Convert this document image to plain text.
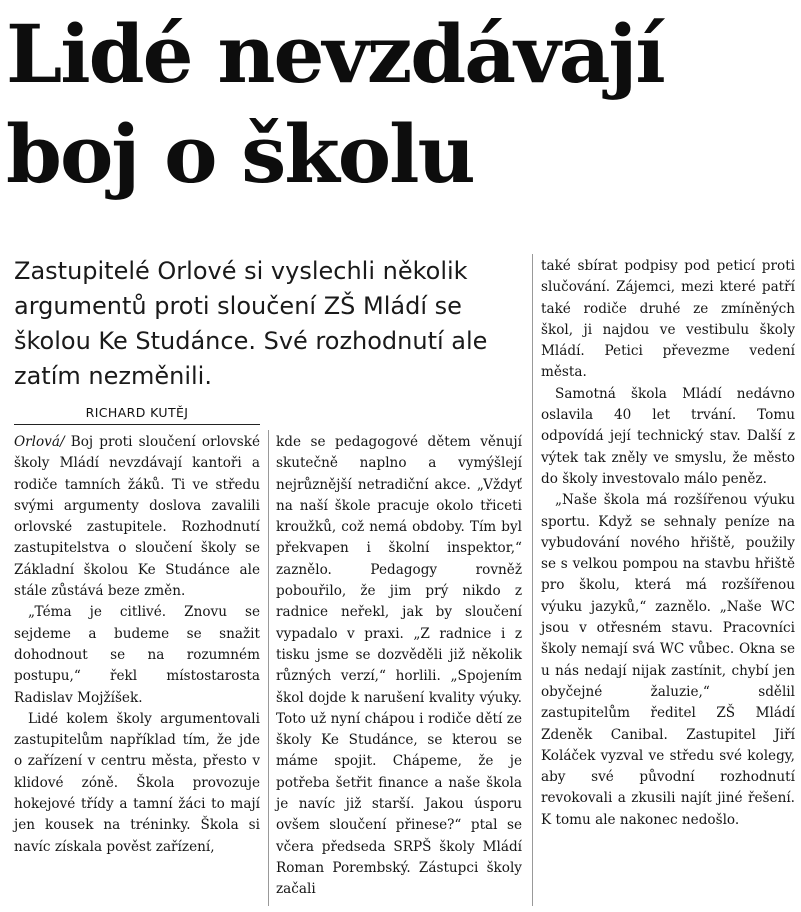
Lidé nevzdávají boj o školu

Zastupitelé Orlové si vyslechli několik argumentů proti sloučení ZŠ Mládí se školou Ke Studánce. Své rozhodnutí ale zatím nezměnili.

RICHARD KUTĚJ

Orlová/ Boj proti sloučení orlovské školy Mládí nevzdávají kantoři a rodiče tamních žáků. Ti ve středu svými argumenty doslova zavalili orlovské zastupitele. Rozhodnutí zastupitelstva o sloučení školy se Základní školou Ke Studánce ale stále zůstává beze změn.

„Téma je citlivé. Znovu se sejdeme a budeme se snažit dohodnout se na rozumném postupu,“ řekl místostarosta Radislav Mojžíšek.

Lidé kolem školy argumentovali zastupitelům například tím, že jde o zařízení v centru města, přesto v klidové zóně. Škola provozuje hokejové třídy a tamní žáci to mají jen kousek na tréninky. Škola si navíc získala pověst zařízení,

kde se pedagogové dětem věnují skutečně naplno a vymýšlejí nejrůznější netradiční akce. „Vždyť na naší škole pracuje okolo třiceti kroužků, což nemá obdoby. Tím byl překvapen i školní inspektor,“ zaznělo. Pedagogy rovněž pobouřilo, že jim prý nikdo z radnice neřekl, jak by sloučení vypadalo v praxi. „Z radnice i z tisku jsme se dozvěděli již několik různých verzí,“ horlili. „Spojením škol dojde k narušení kvality výuky. Toto už nyní chápou i rodiče dětí ze školy Ke Studánce, se kterou se máme spojit. Chápeme, že je potřeba šetřit finance a naše škola je navíc již starší. Jakou úsporu ovšem sloučení přinese?“ ptal se včera předseda SRPŠ školy Mládí Roman Porembský. Zástupci školy začali

také sbírat podpisy pod peticí proti slučování. Zájemci, mezi které patří také rodiče druhé ze zmíněných škol, ji najdou ve vestibulu školy Mládí. Petici převezme vedení města.

Samotná škola Mládí nedávno oslavila 40 let trvání. Tomu odpovídá její technický stav. Další z výtek tak zněly ve smyslu, že město do školy investovalo málo peněz.

„Naše škola má rozšířenou výuku sportu. Když se sehnaly peníze na vybudování nového hřiště, použily se s velkou pompou na stavbu hřiště pro školu, která má rozšířenou výuku jazyků,“ zaznělo. „Naše WC jsou v otřesném stavu. Pracovníci školy nemají svá WC vůbec. Okna se u nás nedají nijak zastínit, chybí jen obyčejné žaluzie,“ sdělil zastupitelům ředitel ZŠ Mládí Zdeněk Canibal. Zastupitel Jiří Koláček vyzval ve středu své kolegy, aby své původní rozhodnutí revokovali a zkusili najít jiné řešení. K tomu ale nakonec nedošlo.
